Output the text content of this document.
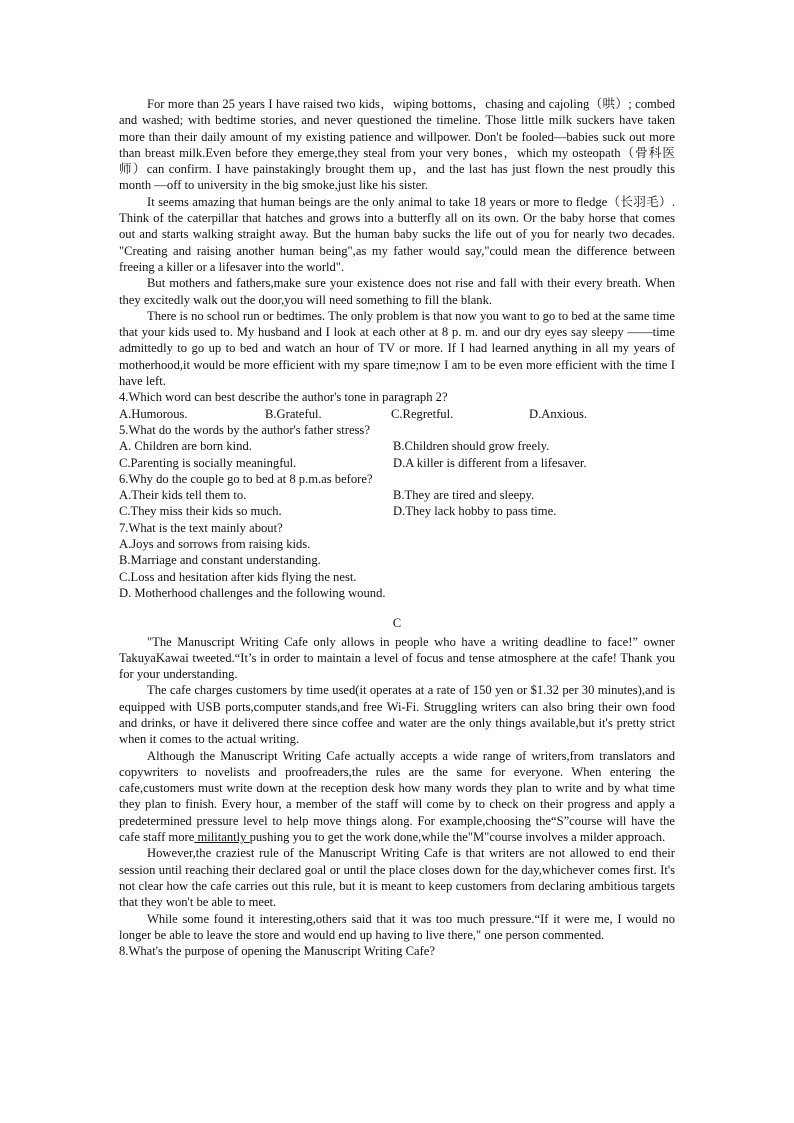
For more than 25 years I have raised two kids，wiping bottoms，chasing and cajoling（哄）; combed and washed; with bedtime stories, and never questioned the timeline. Those little milk suckers have taken more than their daily amount of my existing patience and willpower. Don't be fooled—babies suck out more than breast milk.Even before they emerge,they steal from your very bones，which my osteopath（骨科医师）can confirm. I have painstakingly brought them up，and the last has just flown the nest proudly this month —off to university in the big smoke,just like his sister.

It seems amazing that human beings are the only animal to take 18 years or more to fledge（长羽毛）. Think of the caterpillar that hatches and grows into a butterfly all on its own. Or the baby horse that comes out and starts walking straight away. But the human baby sucks the life out of you for nearly two decades. "Creating and raising another human being",as my father would say,"could mean the difference between freeing a killer or a lifesaver into the world".

But mothers and fathers,make sure your existence does not rise and fall with their every breath. When they excitedly walk out the door,you will need something to fill the blank.

There is no school run or bedtimes. The only problem is that now you want to go to bed at the same time that your kids used to. My husband and I look at each other at 8 p. m. and our dry eyes say sleepy ——time admittedly to go up to bed and watch an hour of TV or more. If I had learned anything in all my years of motherhood,it would be more efficient with my spare time;now I am to be even more efficient with the time I have left.

4.Which word can best describe the author's tone in paragraph 2?

A.Humorous.	B.Grateful.	C.Regretful.	D.Anxious.

5.What do the words by the author's father stress?

A. Children are born kind.	B.Children should grow freely.
C.Parenting is socially meaningful.	D.A killer is different from a lifesaver.

6.Why do the couple go to bed at 8 p.m.as before?

A.Their kids tell them to.	B.They are tired and sleepy.
C.They miss their kids so much.	D.They lack hobby to pass time.

7.What is the text mainly about?

A.Joys and sorrows from raising kids.

B.Marriage and constant understanding.

C.Loss and hesitation after kids flying the nest.

D. Motherhood challenges and the following wound.

C

"The Manuscript Writing Cafe only allows in people who have a writing deadline to face!” owner TakuyaKawai tweeted.“It’s in order to maintain a level of focus and tense atmosphere at the cafe! Thank you for your understanding.

The cafe charges customers by time used(it operates at a rate of 150 yen or $1.32 per 30 minutes),and is equipped with USB ports,computer stands,and free Wi-Fi. Struggling writers can also bring their own food and drinks, or have it delivered there since coffee and water are the only things available,but it's pretty strict when it comes to the actual writing.

Although the Manuscript Writing Cafe actually accepts a wide range of writers,from translators and copywriters to novelists and proofreaders,the rules are the same for everyone. When entering the cafe,customers must write down at the reception desk how many words they plan to write and by what time they plan to finish. Every hour, a member of the staff will come by to check on their progress and apply a predetermined pressure level to help move things along. For example,choosing the“S”course will have the cafe staff more militantly pushing you to get the work done,while the"M"course involves a milder approach.

However,the craziest rule of the Manuscript Writing Cafe is that writers are not allowed to end their session until reaching their declared goal or until the place closes down for the day,whichever comes first. It's not clear how the cafe carries out this rule, but it is meant to keep customers from declaring ambitious targets that they won't be able to meet.

While some found it interesting,others said that it was too much pressure.“If it were me, I would no longer be able to leave the store and would end up having to live there," one person commented.

8.What's the purpose of opening the Manuscript Writing Cafe?
